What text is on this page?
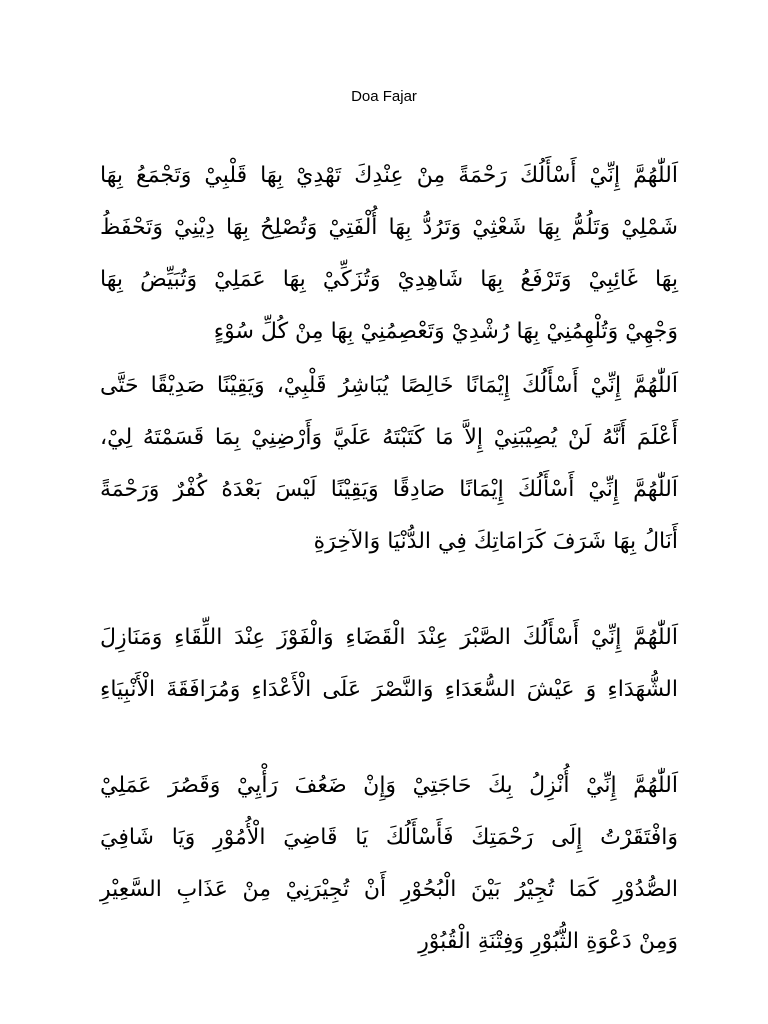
Doa Fajar

اَللّٰهُمَّ إِنِّيْ أَسْأَلُكَ رَحْمَةً مِنْ عِنْدِكَ تَهْدِيْ بِهَا قَلْبِيْ وَتَجْمَعُ بِهَا
شَمْلِيْ وَتَلُمُّ بِهَا شَعْثِيْ وَتَرُدُّ بِهَا أُلْفَتِيْ وَتُصْلِحُ بِهَا دِيْنِيْ وَتَحْفَظُ
بِهَا غَائِبِيْ وَتَرْفَعُ بِهَا شَاهِدِيْ وَتُزَكِّيْ بِهَا عَمَلِيْ وَتُبَيِّضُ بِهَا
وَجْهِيْ وَتُلْهِمُنِيْ بِهَا رُشْدِيْ وَتَعْصِمُنِيْ بِهَا مِنْ كُلِّ سُوْءٍ

اَللّٰهُمَّ إِنِّيْ أَسْأَلُكَ إِيْمَانًا خَالِصًا يُبَاشِرُ قَلْبِيْ، وَيَقِيْنًا صَدِيْقًا حَتَّى
أَعْلَمَ أَنَّهُ لَنْ يُصِيْبَنِيْ إِلاَّ مَا كَتَبْتَهُ عَلَيَّ وَأَرْضِنِيْ بِمَا قَسَمْتَهُ لِيْ،
اَللّٰهُمَّ إِنِّيْ أَسْأَلُكَ إِيْمَانًا صَادِقًا وَيَقِيْنًا لَيْسَ بَعْدَهُ كُفْرٌ وَرَحْمَةً
أَنَالُ بِهَا شَرَفَ كَرَامَاتِكَ فِي الدُّنْيَا وَالآخِرَةِ

اَللّٰهُمَّ إِنِّيْ أَسْأَلُكَ الصَّبْرَ عِنْدَ الْقَضَاءِ وَالْفَوْزَ عِنْدَ اللِّقَاءِ وَمَنَازِلَ
الشُّهَدَاءِ وَ عَيْشَ السُّعَدَاءِ وَالنَّصْرَ عَلَى الْأَعْدَاءِ وَمُرَافَقَةَ الْأَنْبِيَاءِ

اَللّٰهُمَّ إِنِّيْ أُنْزِلُ بِكَ حَاجَتِيْ وَإِنْ ضَعُفَ رَأْيِيْ وَقَصُرَ عَمَلِيْ
وَافْتَقَرْتُ إِلَى رَحْمَتِكَ فَأَسْأَلُكَ يَا قَاضِيَ الْأُمُوْرِ وَيَا شَافِيَ
الصُّدُوْرِ كَمَا تُجِيْرُ بَيْنَ الْبُحُوْرِ أَنْ تُجِيْرَنِيْ مِنْ عَذَابِ السَّعِيْرِ
وَمِنْ دَعْوَةِ الثُّبُوْرِ وَفِتْنَةِ الْقُبُوْرِ
